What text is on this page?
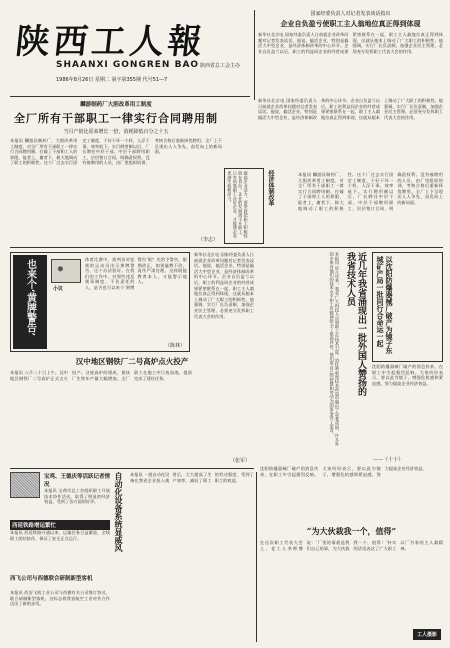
陕西工人報
SHAANXI GONGREN BAO
1986年8月26日 星期二 第字第355期 代号51—7
陕西省总工会主办
国家经委负责人对记者发表谈话指出
企业自负盈亏使职工主人翁地位真正得到体现
新华社北京电 国家经委负责人日前就企业改革问题对记者发表谈话。他说，搞活企业，特别是搞活大中型企业，是经济体制改革的中心环节。企业自负盈亏以后，职工的利益同企业的经营成果紧密联系在一起，职工主人翁地位真正得到体现，这就从根本上调动了广大职工的积极性。他强调，实行厂长负责制，加强企业民主管理，必须充分发挥职工代表大会的作用。
新华社北京电 国家经委负责人日前就企业改革问题对记者发表谈话。他说，搞活企业，特别是搞活大中型企业，是经济体制改革的中心环节。企业自负盈亏以后，职工的利益同企业的经营成果紧密联系在一起，职工主人翁地位真正得到体现，这就从根本上调动了广大职工的积极性。他强调，实行厂长负责制，加强企业民主管理，必须充分发挥职工代表大会的作用。
麟游制药厂大胆改革用工制度
全厂所有干部职工一律实行合同聘用制
当月产值比原来增长一倍，消耗降低百分之十五
本报讯 麟游县制药厂，大胆改革用工制度，对全厂所有干部职工一律实行合同聘用制，打破了干部和工人的界限，能者上，庸者下，极大地调动了职工的积极性。这个厂过去实行固定工制度，干好干坏一个样，人浮于事，效率低下。实行聘用制以后，厂长聘任中层干部，中层干部聘用职工，层层签订合同，明确责权利。没有被聘用的人员，由厂里组织培训，考核合格后重新择优聘用。全厂上下呈现出人人争先、奋发向上的新局面。
（李志）
提高企业活力，要坚持把职工积极性放在首位。企业的发展离不开职工，只有依靠职工办好企业，才能使企业充满生机和活力。	经济体制改革	本报讯 麟游县制药厂，大胆改革用工制度，对全厂所有干部职工一律实行合同聘用制，打破了干部和工人的界限，能者上，庸者下，极大地调动了职工的积极性。这个厂过去实行固定工制度，干好干坏一个样，人浮于事，效率低下。实行聘用制以后，厂长聘任中层干部，中层干部聘用职工，层层签订合同，明确责权利。没有被聘用的人员，由厂里组织培训，考核合格后重新择优聘用。全厂上下呈现出人人争先、奋发向上的新局面。
也来个‘黄牌警告’	小议
体育比赛中，裁判员对犯规的运动员出示黄牌警告，这个办法很好。在我们的工作中，对那些违反规章制度、不负责任的人，是否也可以来个‘黄牌警告’呢？先给予警告，限期改正，如果屡教不改，再作严肃处理。这样既能教育本人，又能警示他人。
（陈林）
新华社北京电 国家经委负责人日前就企业改革问题对记者发表谈话。他说，搞活企业，特别是搞活大中型企业，是经济体制改革的中心环节。企业自负盈亏以后，职工的利益同企业的经营成果紧密联系在一起，职工主人翁地位真正得到体现，这就从根本上调动了广大职工的积极性。他强调，实行厂长负责制，加强企业民主管理，必须充分发挥职工代表大会的作用。	近几年我省涌现出一批外国人赞扬的我省技术人员
本报讯 近几年来，我省广大科技人员和职工在技术引进、消化吸收和技术改造中做出了显著成绩，许多外国专家对他们的技术水平和工作精神给予了很高评价。他们用自己的智慧和劳动为国家争得了荣誉。	以沈阳防爆器械厂破产为镜子东城矿产局一批同行合命运一起
沈阳防爆器械厂破产的消息传来，在职工中引起强烈反响。大家纷纷表示，要以此为镜子，增强危机感和紧迫感，努力提高企业经济效益。
汉中地区钢铁厂二号高炉点火投产
本报讯 八月二十日上午，汉中地区钢铁厂二号高炉正式点火投产。这座高炉的建成，使该厂生铁年产量大幅增加。全厂职工在施工中日夜奋战，提前完成了建设任务。
（张军）
宝鸡、王德庆等活跃记者情况
本报讯 宝鸡市总工会组织职工开展技术协作活动，取得了明显的经济效益，受到了各方面的好评。
西延铁路增运繁忙
本报讯 西延铁路开通以来，运输任务日益繁重，全线职工团结协作，保证了安全正点运行。
西飞公司与西德联合研制新型客机
本报讯 西安飞机工业公司与西德有关公司签订协议，联合研制新型客机，这标志着我省航空工业对外合作迈出了新的步伐。
自动化设备系统显威风 本报讯 一批自动化设备在我省企业投入使用后，大大提高了生产效率，减轻了职工的劳动强度，受到了职工的欢迎。
——《十十》
沈阳防爆器械厂破产的消息传来，在职工中引起强烈反响。大家纷纷表示，要以此为镜子，增强危机感和紧迫感，努力提高企业经济效益。
“为大伙栽我一个，值得”
在这次职工代表大会上，老工人李师傅说：‘厂里的事就是我们自己的事，为大伙栽我一个，值得！’朴实的话语表达了广大职工以厂为家的主人翁精神。
工人摄影
